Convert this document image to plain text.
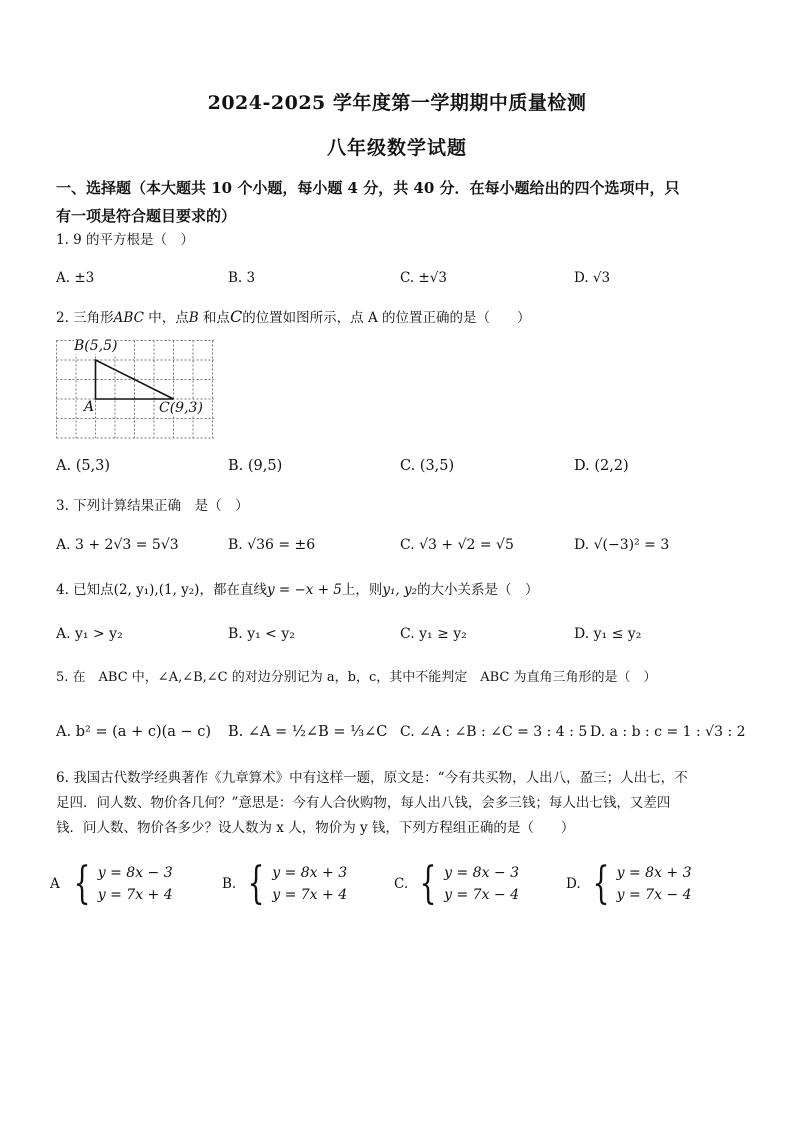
2024-2025 学年度第一学期期中质量检测
八年级数学试题
一、选择题（本大题共 10 个小题，每小题 4 分，共 40 分．在每小题给出的四个选项中，只
有一项是符合题目要求的）
1. 9 的平方根是（　）
A. ±3	B. 3	C. ±√3	D. √3
2. 三角形ABC 中，点B 和点C的位置如图所示，点 A 的位置正确的是（　　）
B(5,5)
A	C(9,3)
A. (5,3)	B. (9,5)	C. (3,5)	D. (2,2)
3. 下列计算结果正确　是（　）
A. 3 + 2√3 = 5√3	B. √36 = ±6	C. √3 + √2 = √5	D. √(−3)² = 3
4. 已知点(2, y₁),(1, y₂)，都在直线y = −x + 5上，则y₁, y₂的大小关系是（　）
A. y₁ > y₂	B. y₁ < y₂	C. y₁ ≥ y₂	D. y₁ ≤ y₂
5. 在　ABC 中，∠A,∠B,∠C 的对边分别记为 a，b，c，其中不能判定　ABC 为直角三角形的是（　）
A. b² = (a + c)(a − c) B. ∠A = ½∠B = ⅓∠C C. ∠A : ∠B : ∠C = 3 : 4 : 5 D. a : b : c = 1 : √3 : 2
6. 我国古代数学经典著作《九章算术》中有这样一题，原文是：“今有共买物，人出八，盈三；人出七，不
足四．问人数、物价各几何？”意思是：今有人合伙购物，每人出八钱，会多三钱；每人出七钱，又差四
钱．问人数、物价各多少？设人数为 x 人，物价为 y 钱，下列方程组正确的是（　　）
A { y = 8x − 3
y = 7x + 4
B. { y = 8x + 3
y = 7x + 4
C. { y = 8x − 3
y = 7x − 4
D. { y = 8x + 3
y = 7x − 4
